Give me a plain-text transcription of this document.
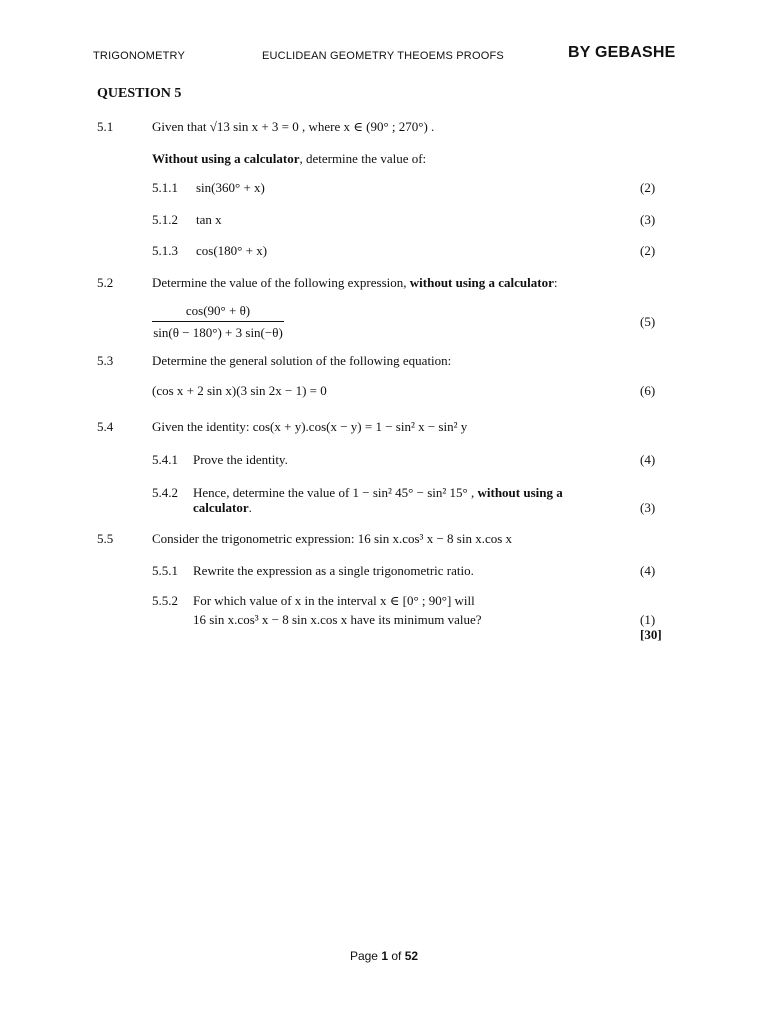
TRIGONOMETRY	EUCLIDEAN GEOMETRY THEOEMS PROOFS	BY GEBASHE
QUESTION 5
5.1	Given that √13 sin x + 3 = 0 , where x ∈ (90° ; 270°) .
Without using a calculator, determine the value of:
5.1.1 sin(360° + x)	(2)
5.1.2 tan x	(3)
5.1.3 cos(180° + x)	(2)
5.2	Determine the value of the following expression, without using a calculator:
$\frac{\cos(90^\circ + \theta)}{\sin(\theta - 180^\circ) + 3 \sin(-\theta)}$	(5)
5.3	Determine the general solution of the following equation:
(cos x + 2 sin x)(3 sin 2x − 1) = 0	(6)
5.4	Given the identity: cos(x + y).cos(x − y) = 1 − sin² x − sin² y
5.4.1 Prove the identity.	(4)
5.4.2 Hence, determine the value of 1 − sin² 45° − sin² 15° , without using a
calculator.	(3)
5.5	Consider the trigonometric expression: 16 sin x.cos³ x − 8 sin x.cos x
5.5.1 Rewrite the expression as a single trigonometric ratio.	(4)
5.5.2 For which value of x in the interval x ∈ [0° ; 90°] will
16 sin x.cos³ x − 8 sin x.cos x have its minimum value?	(1)
[30]
Page 1 of 52
